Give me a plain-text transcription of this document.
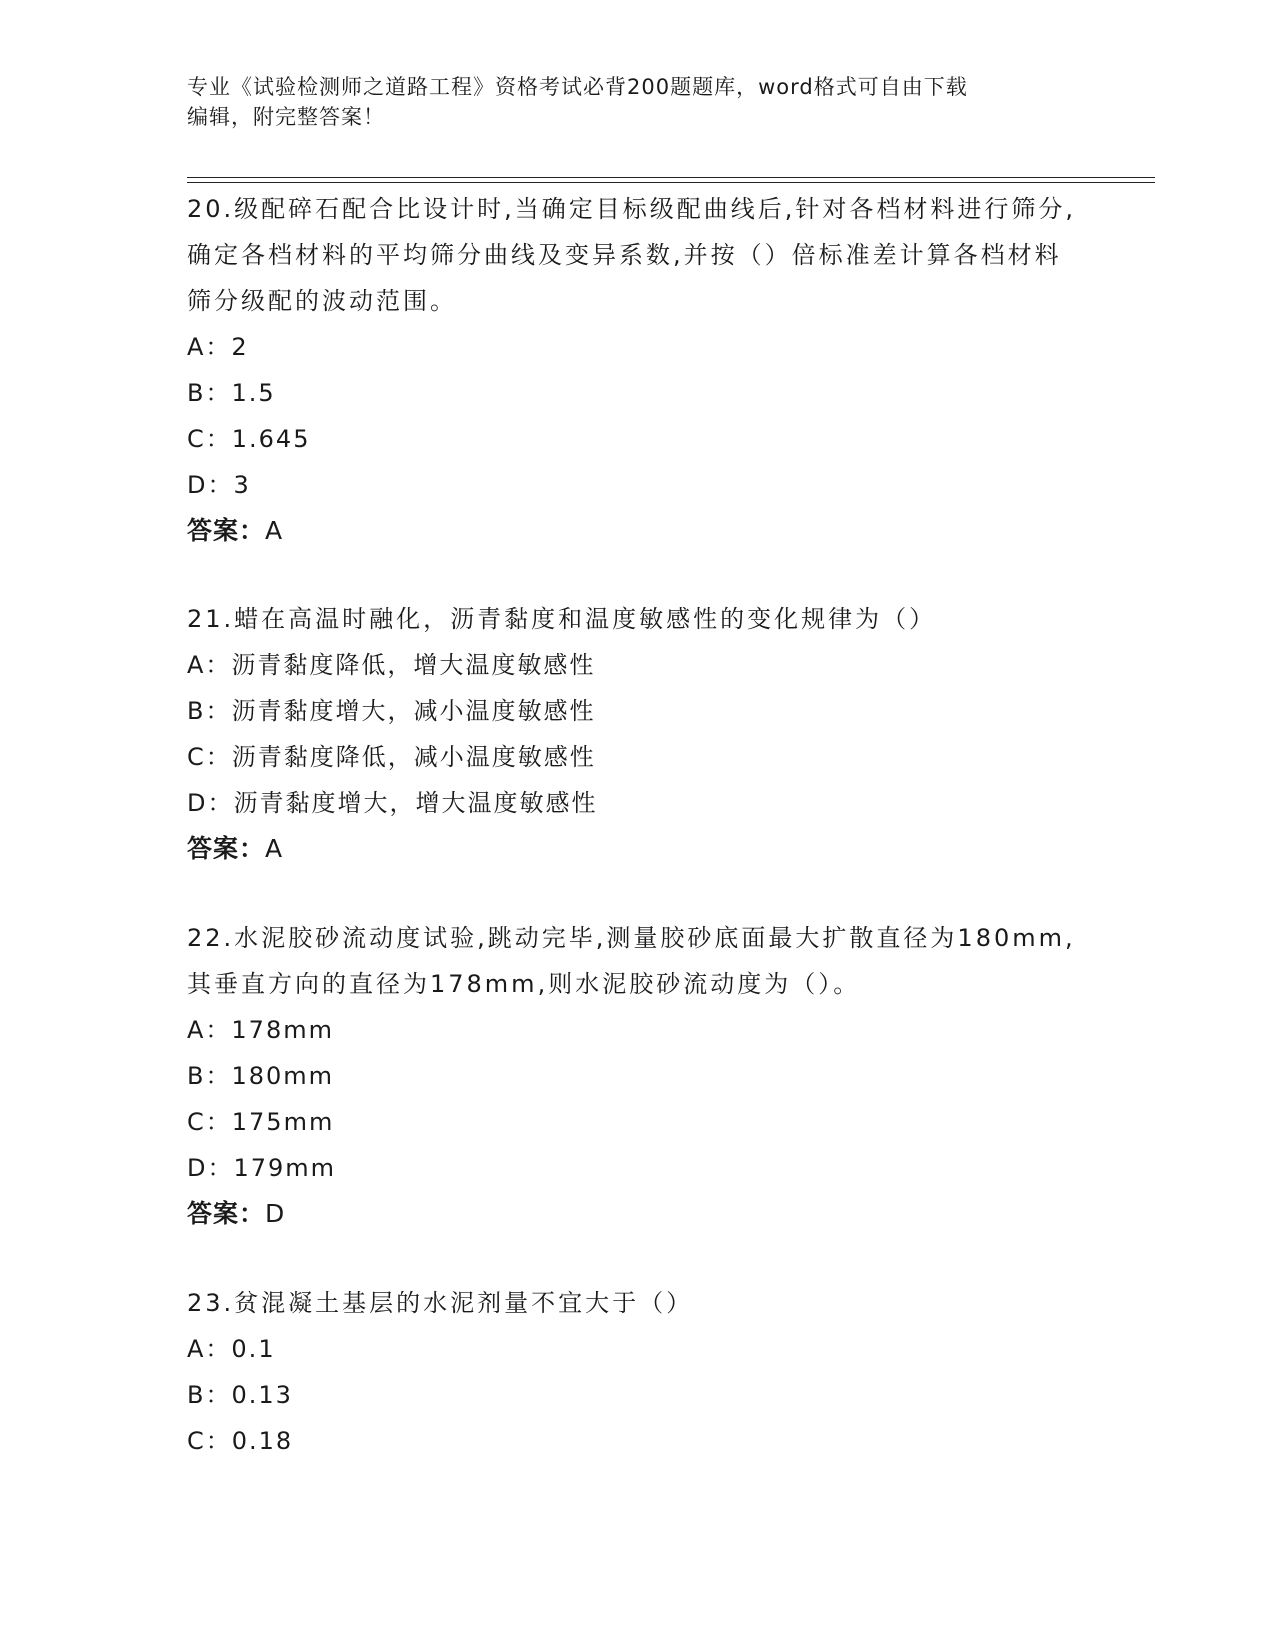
专业《试验检测师之道路工程》资格考试必背200题题库，word格式可自由下载
编辑，附完整答案！
20.级配碎石配合比设计时,当确定目标级配曲线后,针对各档材料进行筛分,确定各档材料的平均筛分曲线及变异系数,并按（）倍标准差计算各档材料筛分级配的波动范围。
A：2
B：1.5
C：1.645
D：3
答案：A
21.蜡在高温时融化，沥青黏度和温度敏感性的变化规律为（）
A：沥青黏度降低，增大温度敏感性
B：沥青黏度增大，减小温度敏感性
C：沥青黏度降低，减小温度敏感性
D：沥青黏度增大，增大温度敏感性
答案：A
22.水泥胶砂流动度试验,跳动完毕,测量胶砂底面最大扩散直径为180mm,其垂直方向的直径为178mm,则水泥胶砂流动度为（）。
A：178mm
B：180mm
C：175mm
D：179mm
答案：D
23.贫混凝土基层的水泥剂量不宜大于（）
A：0.1
B：0.13
C：0.18
